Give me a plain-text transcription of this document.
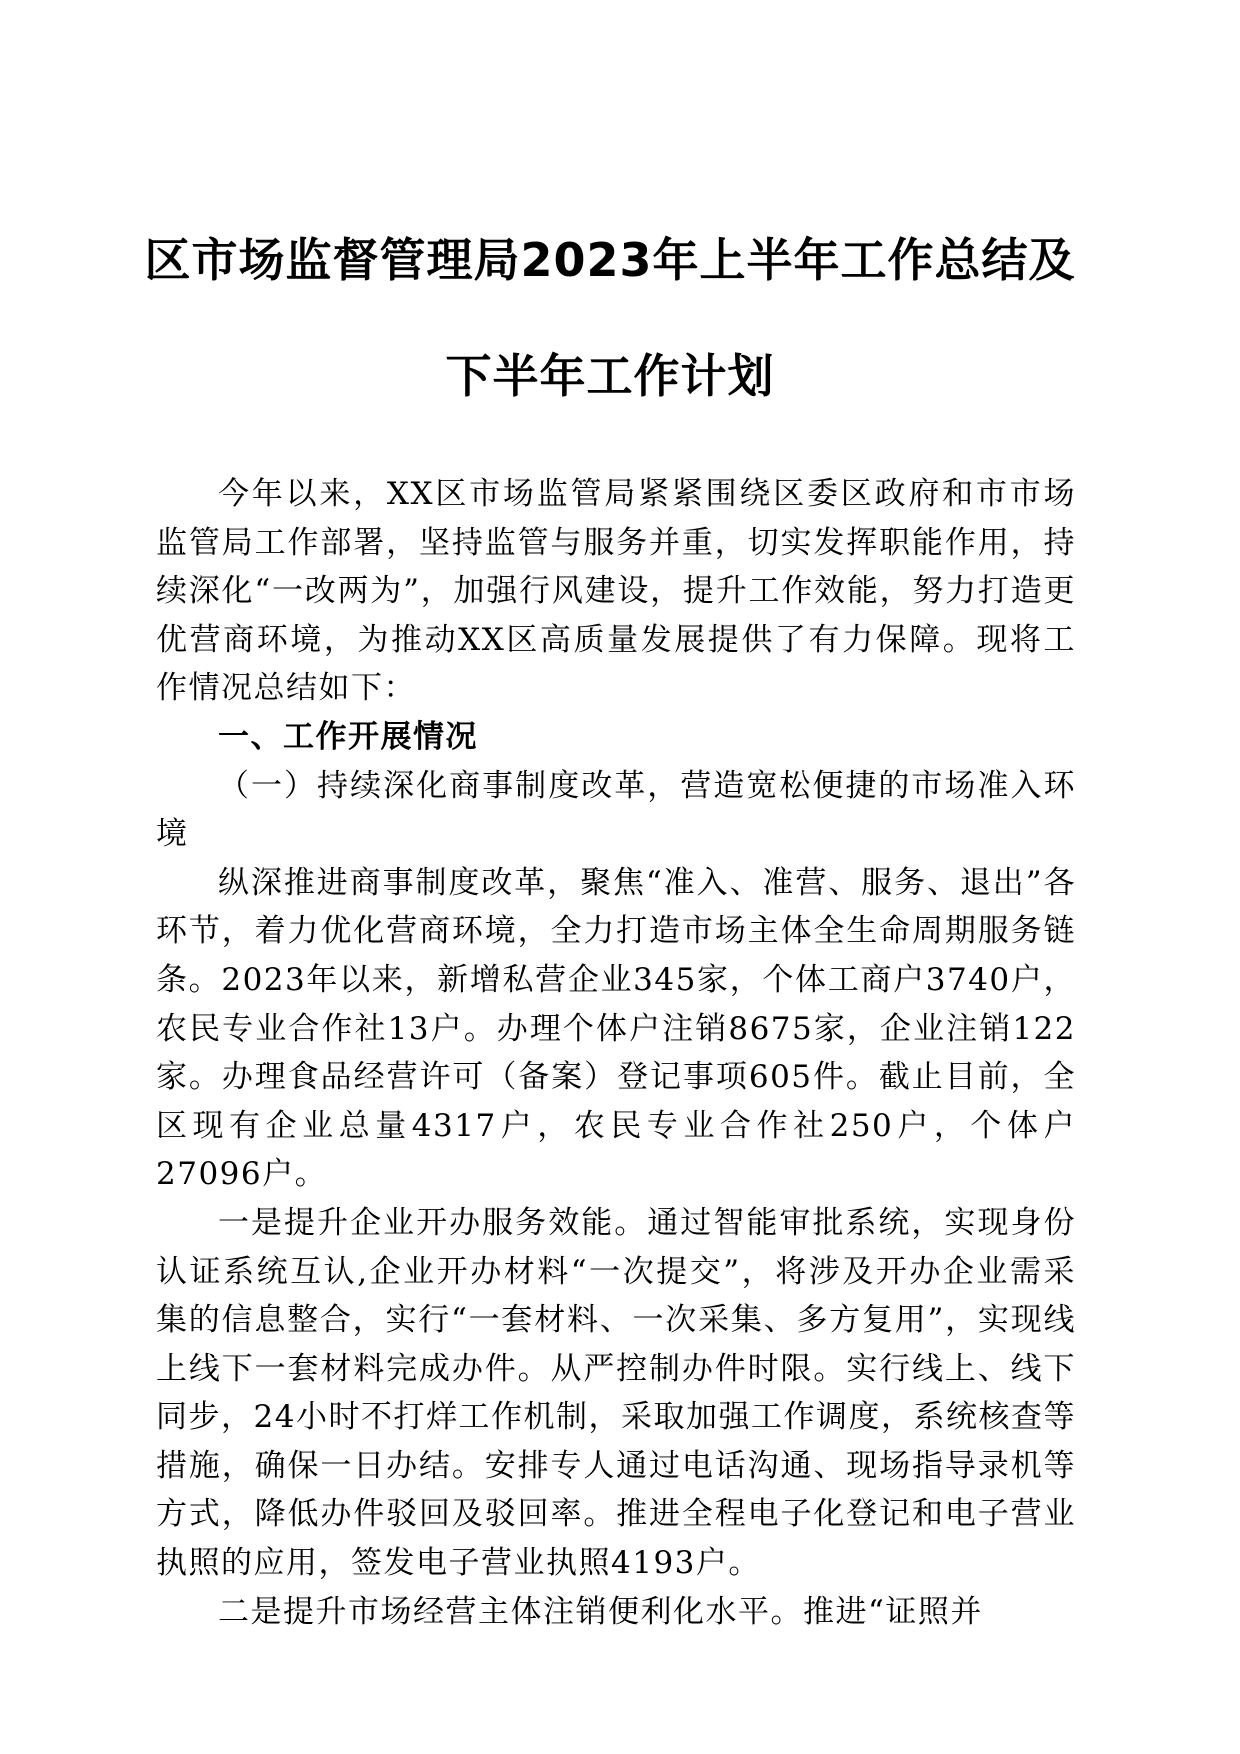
区市场监督管理局2023年上半年工作总结及
下半年工作计划

今年以来，XX区市场监管局紧紧围绕区委区政府和市市场监管局工作部署，坚持监管与服务并重，切实发挥职能作用，持续深化“一改两为”，加强行风建设，提升工作效能，努力打造更优营商环境，为推动XX区高质量发展提供了有力保障。现将工作情况总结如下：

一、工作开展情况
（一）持续深化商事制度改革，营造宽松便捷的市场准入环境

纵深推进商事制度改革，聚焦“准入、准营、服务、退出”各环节，着力优化营商环境，全力打造市场主体全生命周期服务链条。2023年以来，新增私营企业345家，个体工商户3740户，农民专业合作社13户。办理个体户注销8675家，企业注销122家。办理食品经营许可（备案）登记事项605件。截止目前，全区现有企业总量4317户，农民专业合作社250户，个体户27096户。

一是提升企业开办服务效能。通过智能审批系统，实现身份认证系统互认,企业开办材料“一次提交”，将涉及开办企业需采集的信息整合，实行“一套材料、一次采集、多方复用”，实现线上线下一套材料完成办件。从严控制办件时限。实行线上、线下同步，24小时不打烊工作机制，采取加强工作调度，系统核查等措施，确保一日办结。安排专人通过电话沟通、现场指导录机等方式，降低办件驳回及驳回率。推进全程电子化登记和电子营业执照的应用，签发电子营业执照4193户。

二是提升市场经营主体注销便利化水平。推进“证照并
